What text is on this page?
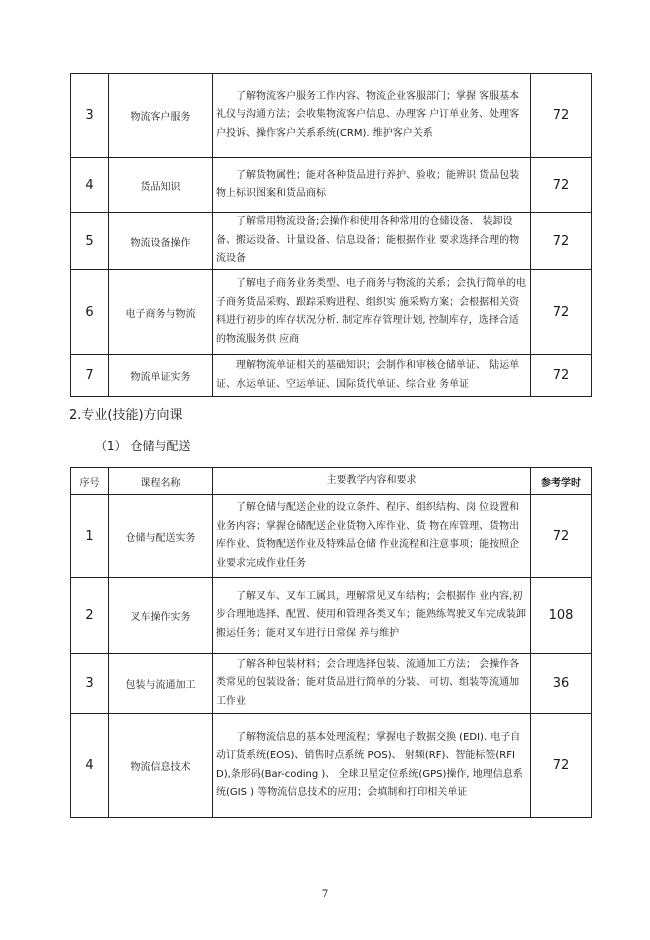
3	物流客户服务	了解物流客户服务工作内容、物流企业客服部门；掌握 客服基本礼仪与沟通方法；会收集物流客户信息、办理客 户订单业务、处理客户投诉、操作客户关系系统(CRM). 维护客户关系	72
4	货品知识	了解货物属性；能对各种货品进行养护、验收；能辨识 货品包装物上标识图案和货品商标	72
5	物流设备操作	了解常用物流设备;会操作和使用各种常用的仓储设备、 装卸设备、搬运设备、计量设备、信息设备；能根据作业 要求选择合理的物流设备	72
6	电子商务与物流	了解电子商务业务类型、电子商务与物流的关系；会执行简单的电子商务货品采购、跟踪采购进程、组织实 施采购方案；会根据相关资料进行初步的库存状况分析. 制定库存管理计划, 控制库存，选择合适的物流服务供 应商	72
7	物流单证实务	理解物流单证相关的基础知识；会制作和审核仓储单证、 陆运单证、水运单证、空运单证、国际货代单证、综合业 务单证	72
2.专业(技能)方向课
（1） 仓储与配送
序号	课程名称	主要教学内容和要求	参考学时
1	仓储与配送实务	了解仓储与配送企业的设立条件、程序、组织结构、岗 位设置和业务内容；掌握仓储配送企业货物入库作业、货 物在库管理、货物出库作业、货物配送作业及特殊品仓储 作业流程和注意事项；能按照企业要求完成作业任务	72
2	叉车操作实务	了解叉车、叉车工属具，理解常见叉车结构；会根据作 业内容,初步合理地选择、配置、使用和管理各类叉车；能熟练驾驶叉车完成装卸搬运任务；能对叉车进行日常保 养与维护	108
3	包装与流通加工	了解各种包装材料；会合理选择包装、流通加工方法； 会操作各类常见的包装设备；能对货品进行简单的分装、 可切、组装等流通加工作业	36
4	物流信息技术	了解物流信息的基本处理流程；掌握电子数据交换 (EDI). 电子自动订货系统(EOS)、销售时点系统 POS)、 射频(RF)、智能标签(RFID),条形码(Bar-coding )、 全球卫星定位系统(GPS)操作, 地理信息系统(GIS ) 等物流信息技术的应用；会填制和打印相关单证	72
7
